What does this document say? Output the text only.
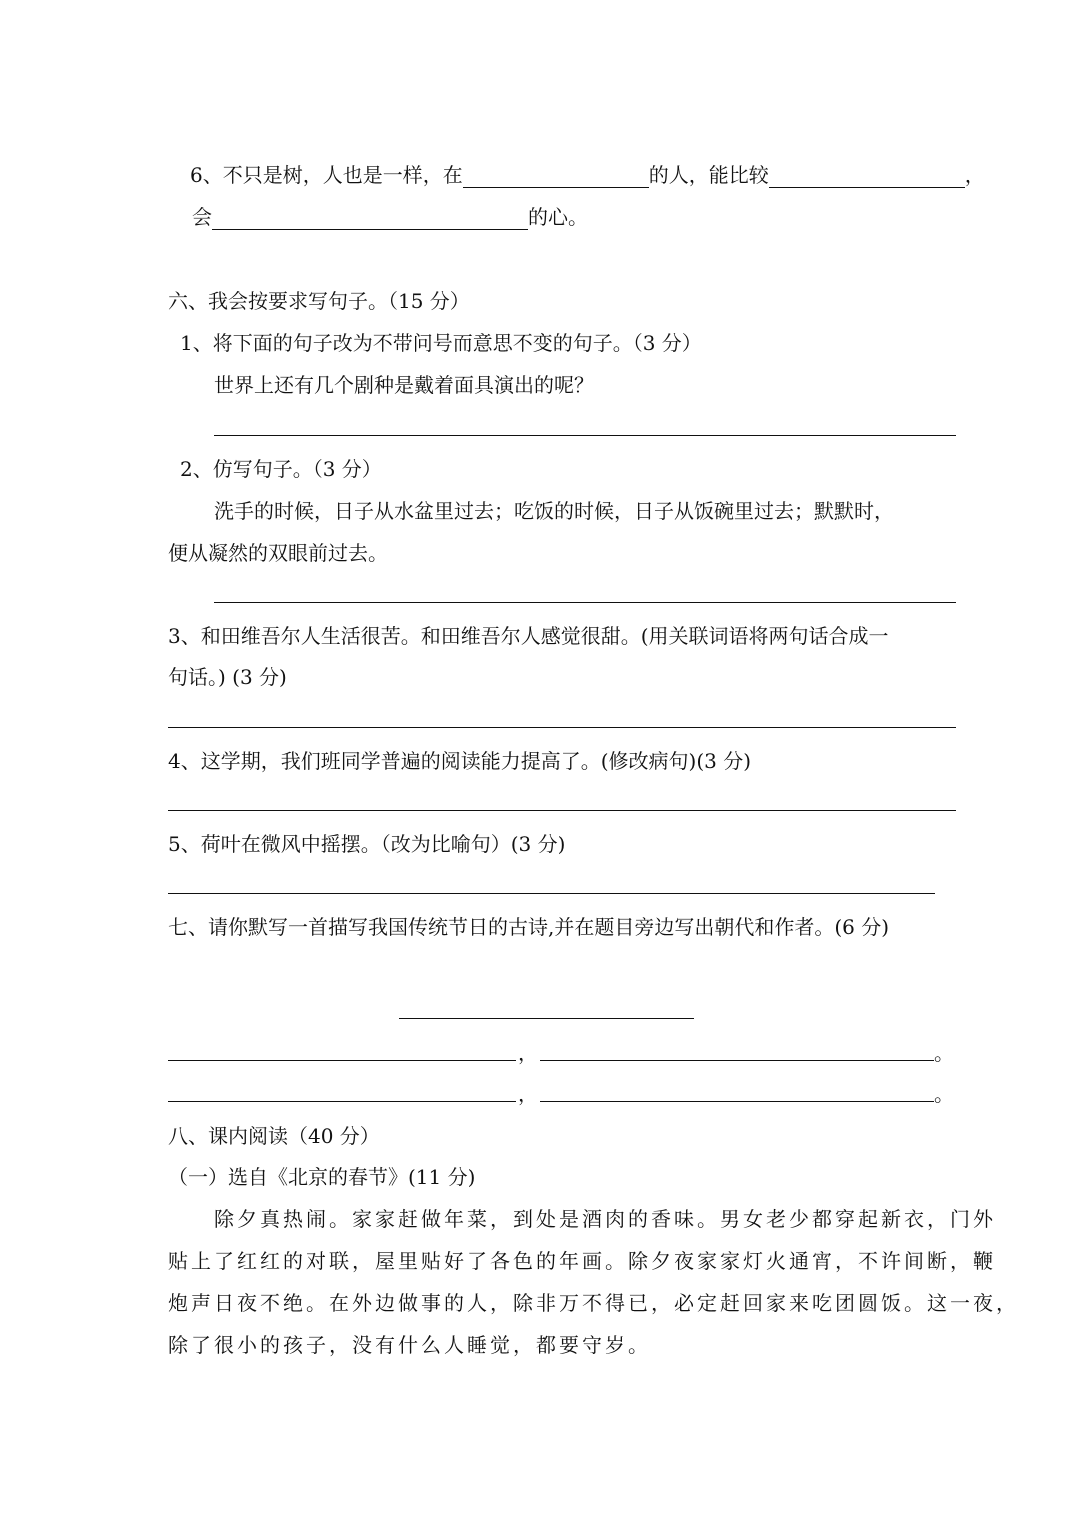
6、不只是树，人也是一样，在	的人，能比较	，
会	的心。
六、我会按要求写句子。（15 分）
1、将下面的句子改为不带问号而意思不变的句子。（3 分）
世界上还有几个剧种是戴着面具演出的呢？
2、仿写句子。（3 分）
洗手的时候，日子从水盆里过去；吃饭的时候，日子从饭碗里过去；默默时，
便从凝然的双眼前过去。
3、和田维吾尔人生活很苦。和田维吾尔人感觉很甜。(用关联词语将两句话合成一
句话。) (3 分)
4、这学期，我们班同学普遍的阅读能力提高了。(修改病句)(3 分)
5、荷叶在微风中摇摆。（改为比喻句）(3 分)
七、请你默写一首描写我国传统节日的古诗,并在题目旁边写出朝代和作者。(6 分)
，	。
，	。
八、课内阅读（40 分）
（一）选自《北京的春节》(11 分)
除夕真热闹。家家赶做年菜，到处是酒肉的香味。男女老少都穿起新衣，门外
贴上了红红的对联，屋里贴好了各色的年画。除夕夜家家灯火通宵，不许间断，鞭
炮声日夜不绝。在外边做事的人，除非万不得已，必定赶回家来吃团圆饭。这一夜，
除了很小的孩子，没有什么人睡觉，都要守岁。
